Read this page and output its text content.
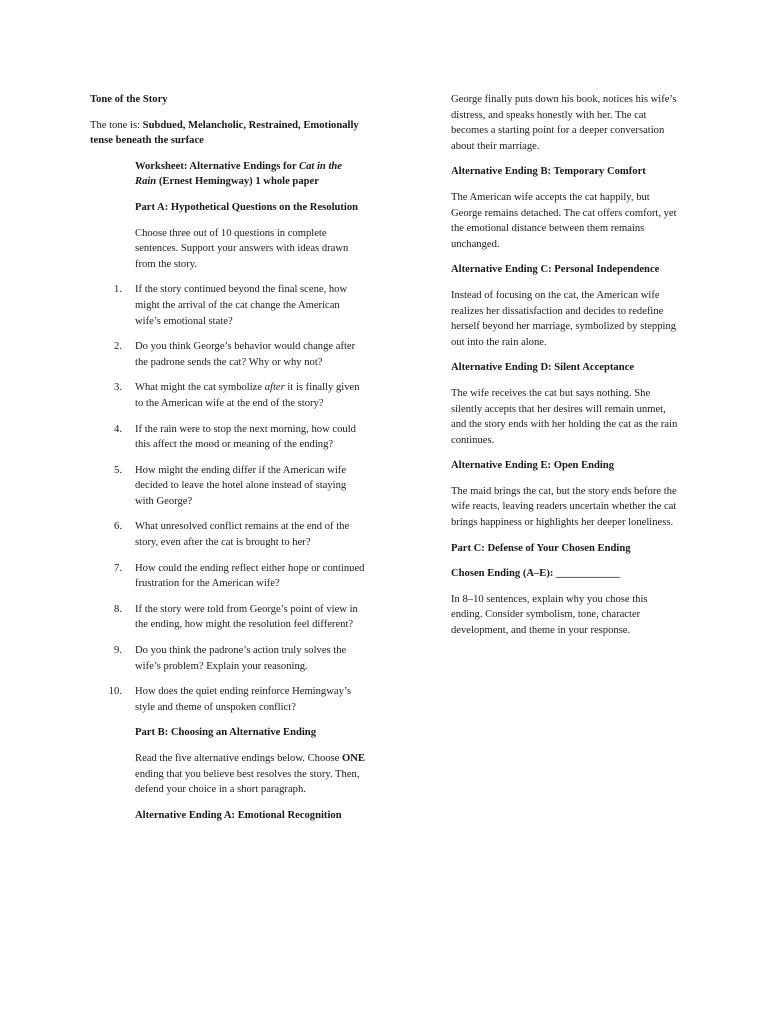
Tone of the Story

The tone is: Subdued, Melancholic, Restrained, Emotionally tense beneath the surface

Worksheet: Alternative Endings for Cat in the Rain (Ernest Hemingway) 1 whole paper

Part A: Hypothetical Questions on the Resolution

Choose three out of 10 questions in complete sentences. Support your answers with ideas drawn from the story.

1. If the story continued beyond the final scene, how might the arrival of the cat change the American wife’s emotional state?
2. Do you think George’s behavior would change after the padrone sends the cat? Why or why not?
3. What might the cat symbolize after it is finally given to the American wife at the end of the story?
4. If the rain were to stop the next morning, how could this affect the mood or meaning of the ending?
5. How might the ending differ if the American wife decided to leave the hotel alone instead of staying with George?
6. What unresolved conflict remains at the end of the story, even after the cat is brought to her?
7. How could the ending reflect either hope or continued frustration for the American wife?
8. If the story were told from George’s point of view in the ending, how might the resolution feel different?
9. Do you think the padrone’s action truly solves the wife’s problem? Explain your reasoning.
10. How does the quiet ending reinforce Hemingway’s style and theme of unspoken conflict?

Part B: Choosing an Alternative Ending

Read the five alternative endings below. Choose ONE ending that you believe best resolves the story. Then, defend your choice in a short paragraph.

Alternative Ending A: Emotional Recognition

George finally puts down his book, notices his wife’s distress, and speaks honestly with her. The cat becomes a starting point for a deeper conversation about their marriage.

Alternative Ending B: Temporary Comfort

The American wife accepts the cat happily, but George remains detached. The cat offers comfort, yet the emotional distance between them remains unchanged.

Alternative Ending C: Personal Independence

Instead of focusing on the cat, the American wife realizes her dissatisfaction and decides to redefine herself beyond her marriage, symbolized by stepping out into the rain alone.

Alternative Ending D: Silent Acceptance

The wife receives the cat but says nothing. She silently accepts that her desires will remain unmet, and the story ends with her holding the cat as the rain continues.

Alternative Ending E: Open Ending

The maid brings the cat, but the story ends before the wife reacts, leaving readers uncertain whether the cat brings happiness or highlights her deeper loneliness.

Part C: Defense of Your Chosen Ending

Chosen Ending (A–E): ____________

In 8–10 sentences, explain why you chose this ending. Consider symbolism, tone, character development, and theme in your response.
